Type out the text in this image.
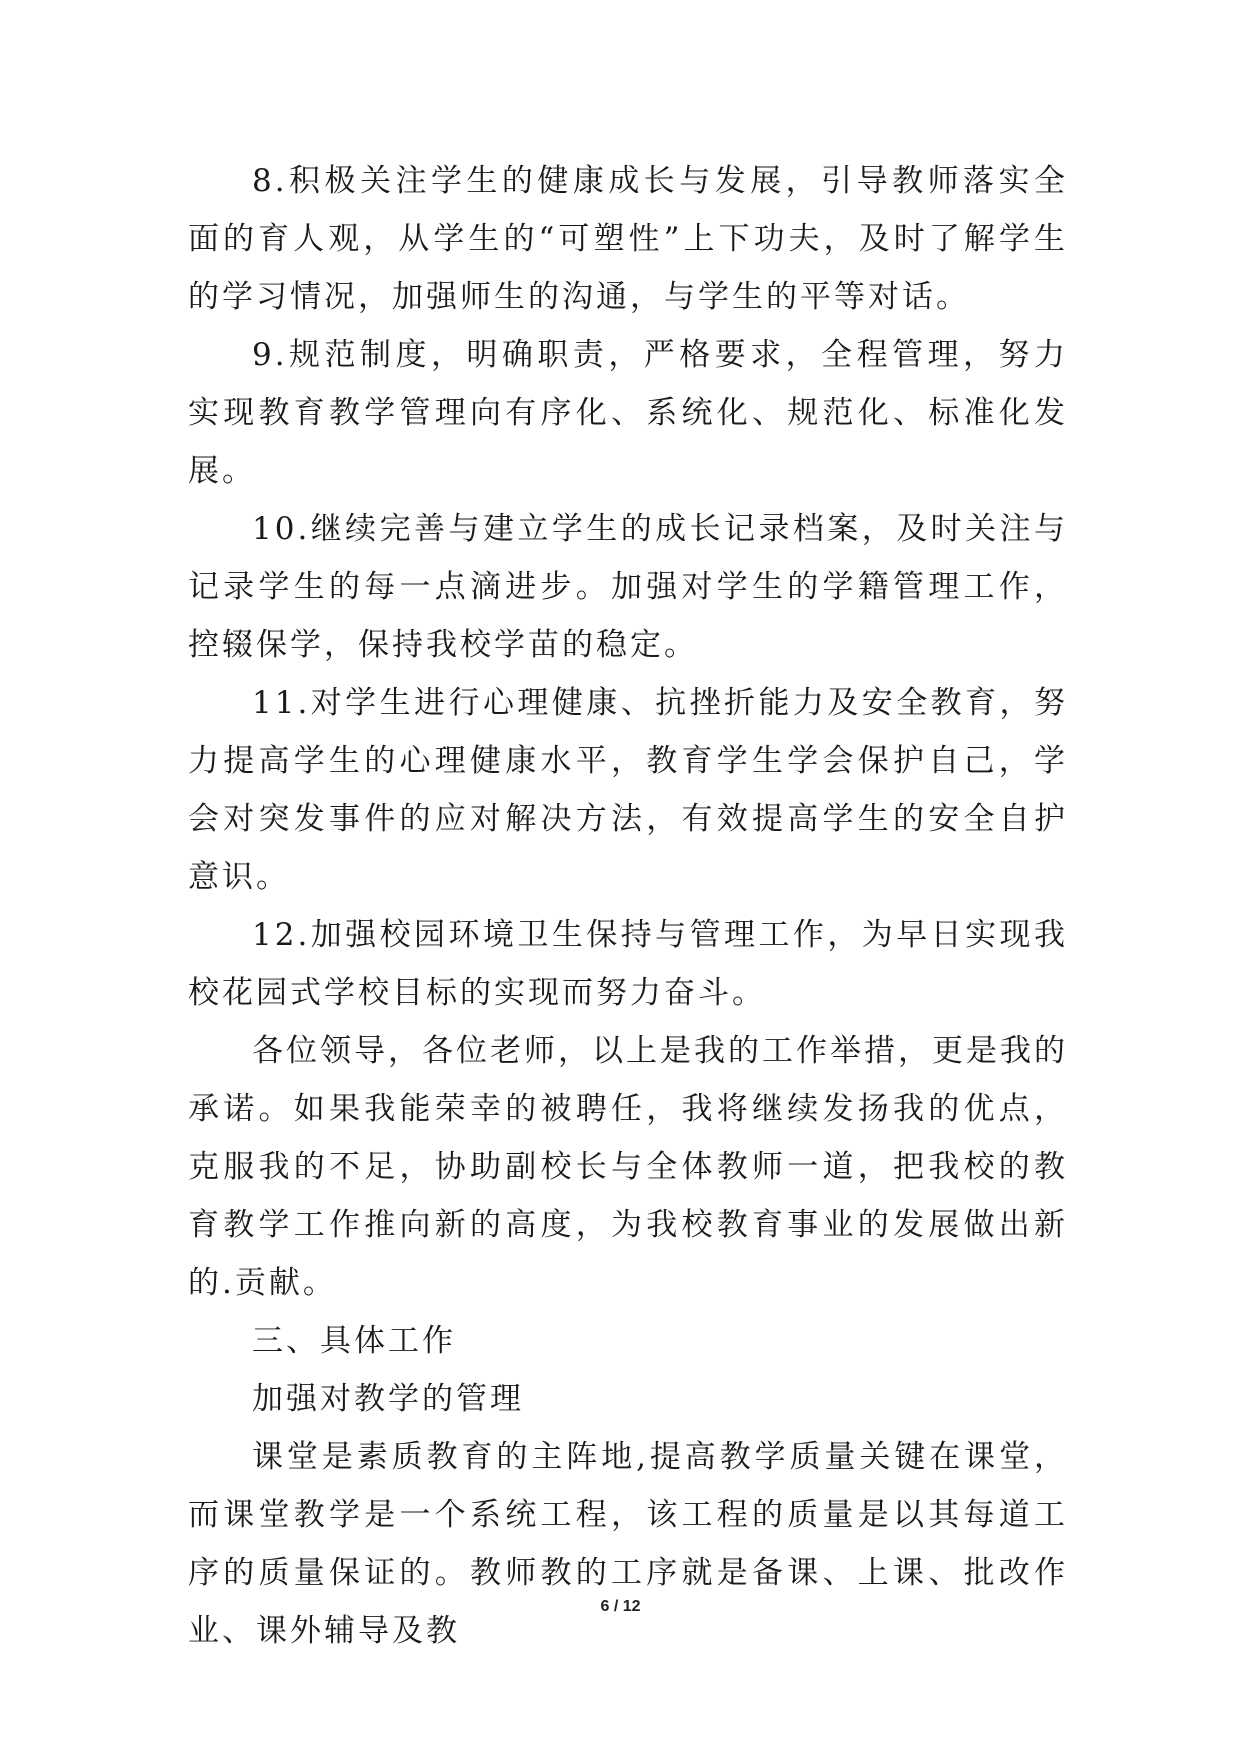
8.积极关注学生的健康成长与发展，引导教师落实全面的育人观，从学生的“可塑性”上下功夫，及时了解学生的学习情况，加强师生的沟通，与学生的平等对话。

9.规范制度，明确职责，严格要求，全程管理，努力实现教育教学管理向有序化、系统化、规范化、标准化发展。

10.继续完善与建立学生的成长记录档案，及时关注与记录学生的每一点滴进步。加强对学生的学籍管理工作，控辍保学，保持我校学苗的稳定。

11.对学生进行心理健康、抗挫折能力及安全教育，努力提高学生的心理健康水平，教育学生学会保护自己，学会对突发事件的应对解决方法，有效提高学生的安全自护意识。

12.加强校园环境卫生保持与管理工作，为早日实现我校花园式学校目标的实现而努力奋斗。

各位领导，各位老师，以上是我的工作举措，更是我的承诺。如果我能荣幸的被聘任，我将继续发扬我的优点，克服我的不足，协助副校长与全体教师一道，把我校的教育教学工作推向新的高度，为我校教育事业的发展做出新的.贡献。

三、具体工作

加强对教学的管理

课堂是素质教育的主阵地,提高教学质量关键在课堂，而课堂教学是一个系统工程，该工程的质量是以其每道工序的质量保证的。教师教的工序就是备课、上课、批改作业、课外辅导及教

6 / 12
